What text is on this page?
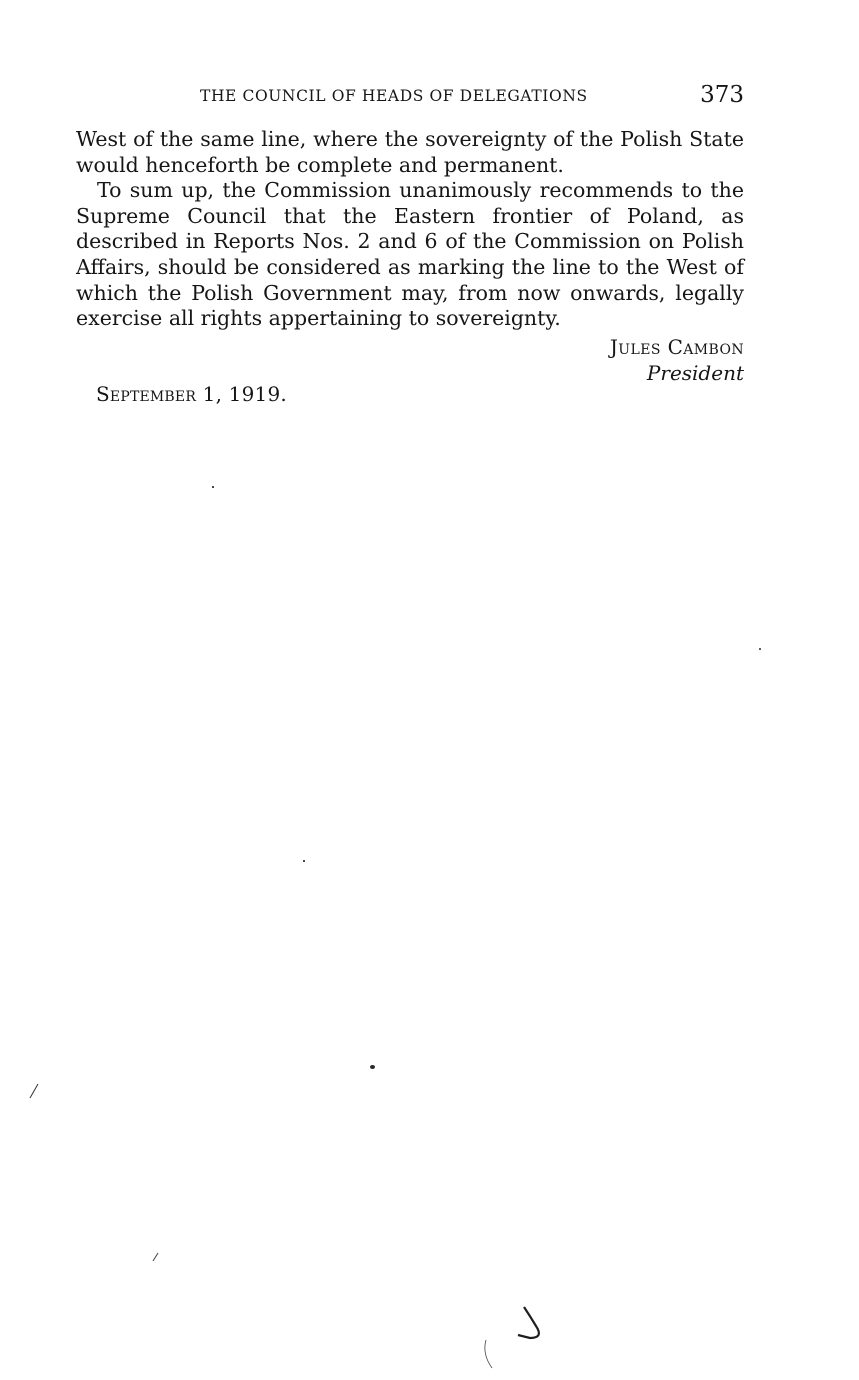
THE COUNCIL OF HEADS OF DELEGATIONS	373

West of the same line, where the sovereignty of the Polish State would henceforth be complete and permanent.

To sum up, the Commission unanimously recommends to the Supreme Council that the Eastern frontier of Poland, as described in Reports Nos. 2 and 6 of the Commission on Polish Affairs, should be considered as marking the line to the West of which the Polish Government may, from now onwards, legally exercise all rights appertaining to sovereignty.

Jules Cambon
President
September 1, 1919.
